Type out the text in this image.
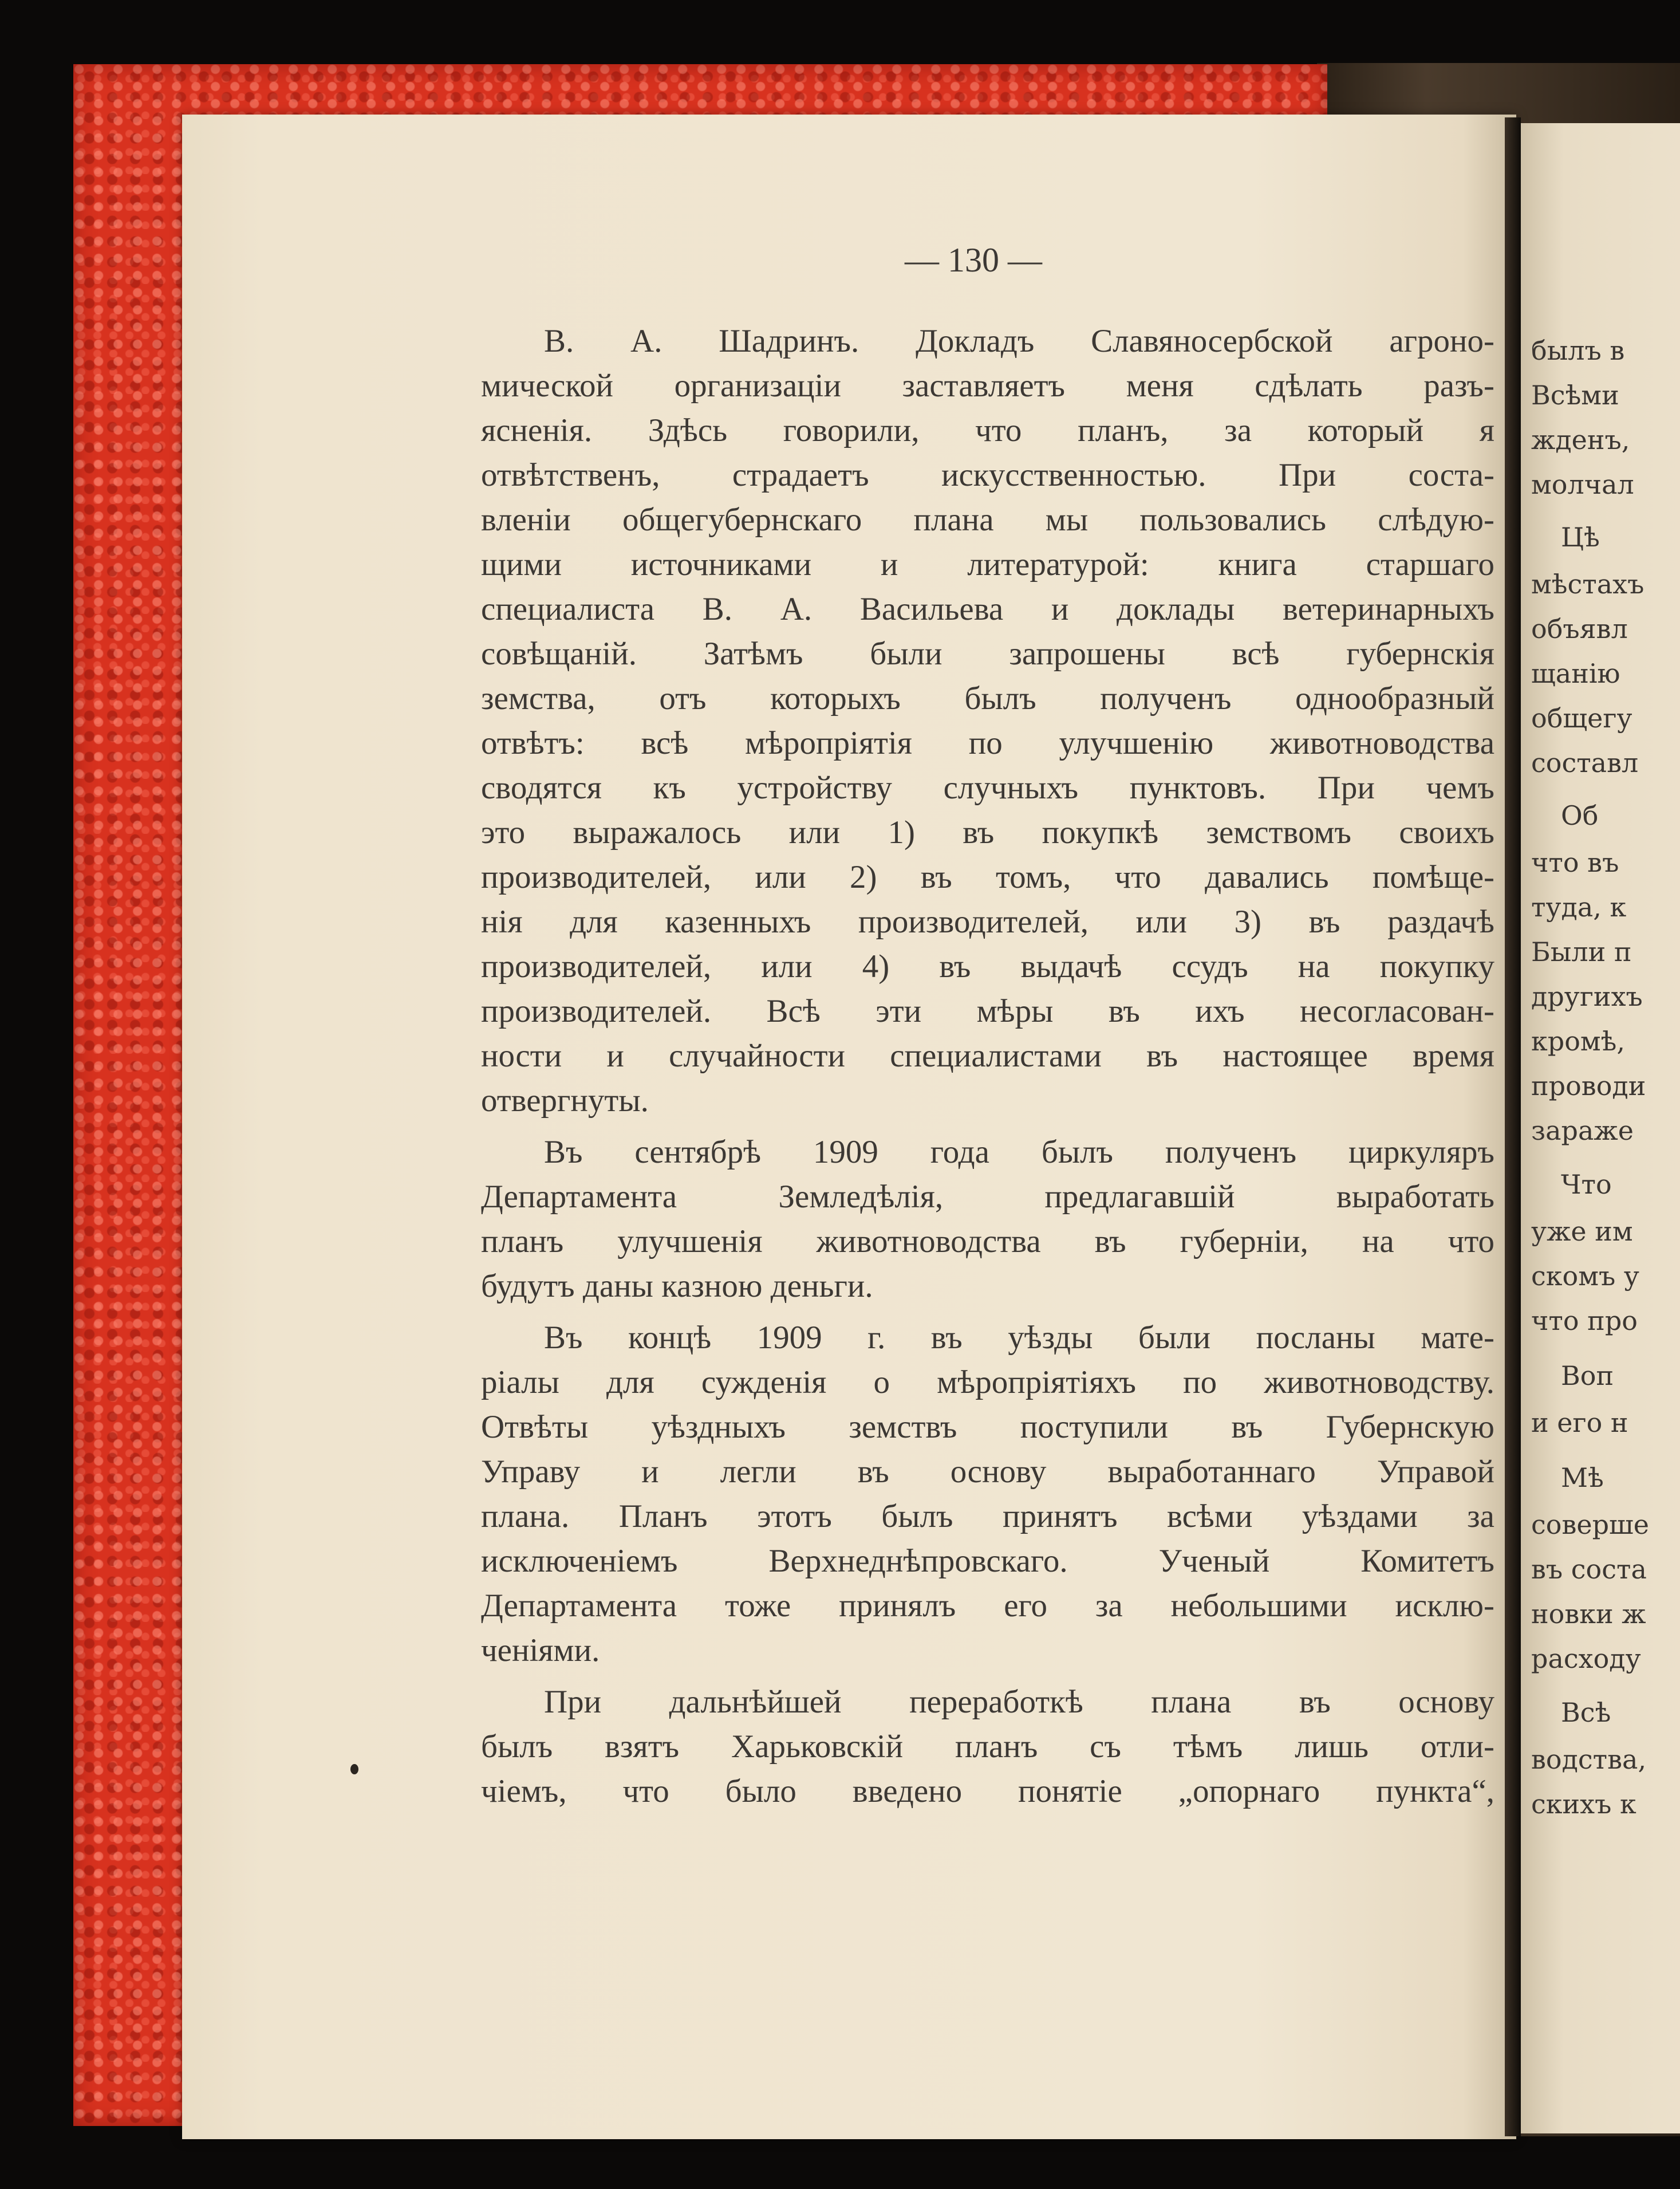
былъ в
Всѣми
жденъ,
молчал
Цѣ
мѣстахъ
объявл
щанію
общегу
составл
Об
что въ
туда, к
Были п
другихъ
кромѣ,
проводи
зараже
Что
уже им
скомъ у
что про
Воп
и его н
Мѣ
соверше
въ соста
новки ж
расходу
Всѣ
водства,
скихъ к
— 130 —
В. А. Шадринъ. Докладъ Славяносербской агроно-
мической организаціи заставляетъ меня сдѣлать разъ-
ясненія. Здѣсь говорили, что планъ, за который я
отвѣтственъ, страдаетъ искусственностью. При соста-
вленіи общегубернскаго плана мы пользовались слѣдую-
щими источниками и литературой: книга старшаго
специалиста В. А. Васильева и доклады ветеринарныхъ
совѣщаній. Затѣмъ были запрошены всѣ губернскія
земства, отъ которыхъ былъ полученъ однообразный
отвѣтъ: всѣ мѣропріятія по улучшенію животноводства
сводятся къ устройству случныхъ пунктовъ. При чемъ
это выражалось или 1) въ покупкѣ земствомъ своихъ
производителей, или 2) въ томъ, что давались помѣще-
нія для казенныхъ производителей, или 3) въ раздачѣ
производителей, или 4) въ выдачѣ ссудъ на покупку
производителей. Всѣ эти мѣры въ ихъ несогласован-
ности и случайности специалистами въ настоящее время
отвергнуты.
Въ сентябрѣ 1909 года былъ полученъ циркуляръ
Департамента Земледѣлія, предлагавшій выработать
планъ улучшенія животноводства въ губерніи, на что
будутъ даны казною деньги.
Въ концѣ 1909 г. въ уѣзды были посланы мате-
ріалы для сужденія о мѣропріятіяхъ по животноводству.
Отвѣты уѣздныхъ земствъ поступили въ Губернскую
Управу и легли въ основу выработаннаго Управой
плана. Планъ этотъ былъ принятъ всѣми уѣздами за
исключеніемъ Верхнеднѣпровскаго. Ученый Комитетъ
Департамента тоже принялъ его за небольшими исклю-
ченіями.
При дальнѣйшей переработкѣ плана въ основу
былъ взятъ Харьковскій планъ съ тѣмъ лишь отли-
чіемъ, что было введено понятіе „опорнаго пункта“,
